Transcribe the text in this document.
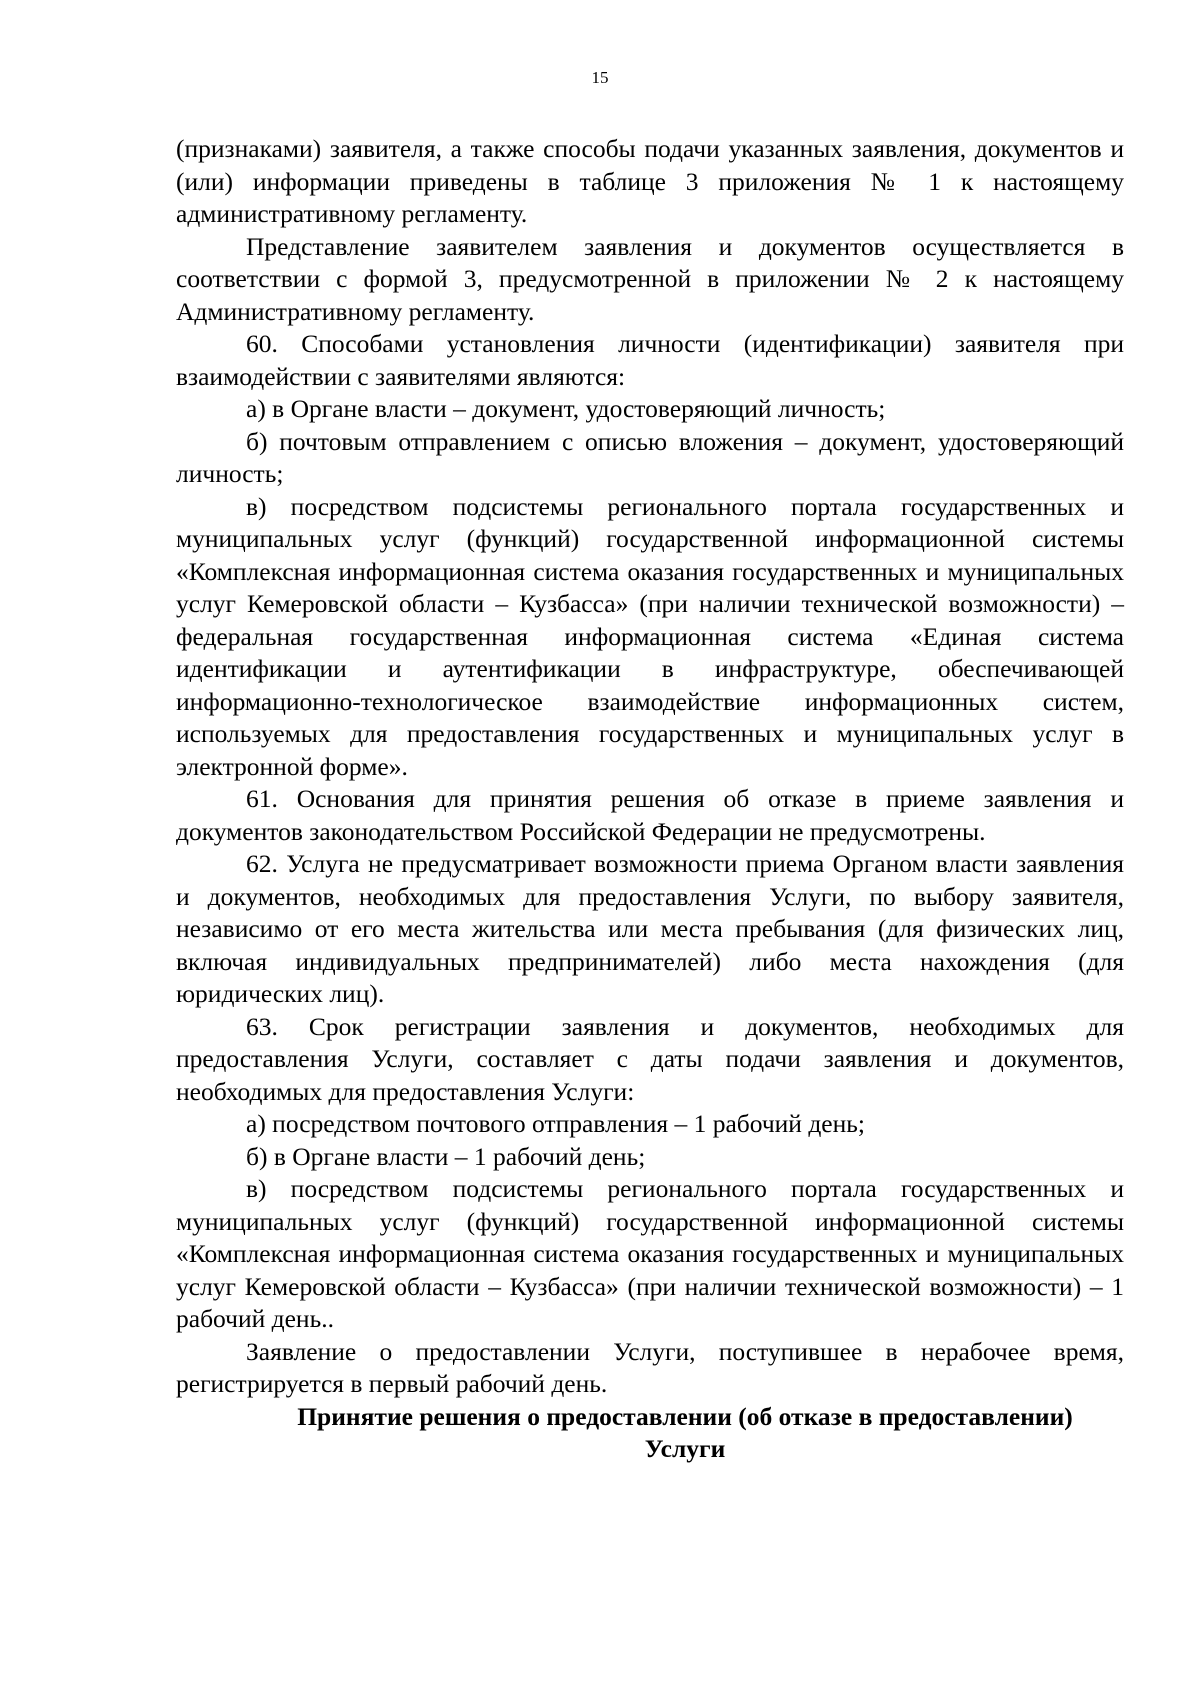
15

(признаками) заявителя, а также способы подачи указанных заявления, документов и (или) информации приведены в таблице 3 приложения № 1 к настоящему административному регламенту.

Представление заявителем заявления и документов осуществляется в соответствии с формой 3, предусмотренной в приложении № 2 к настоящему Административному регламенту.

60. Способами установления личности (идентификации) заявителя при взаимодействии с заявителями являются:

а) в Органе власти – документ, удостоверяющий личность;

б) почтовым отправлением с описью вложения – документ, удостоверяющий личность;

в) посредством подсистемы регионального портала государственных и муниципальных услуг (функций) государственной информационной системы «Комплексная информационная система оказания государственных и муниципальных услуг Кемеровской области – Кузбасса» (при наличии технической возможности) – федеральная государственная информационная система «Единая система идентификации и аутентификации в инфраструктуре, обеспечивающей информационно-технологическое взаимодействие информационных систем, используемых для предоставления государственных и муниципальных услуг в электронной форме».

61. Основания для принятия решения об отказе в приеме заявления и документов законодательством Российской Федерации не предусмотрены.

62. Услуга не предусматривает возможности приема Органом власти заявления и документов, необходимых для предоставления Услуги, по выбору заявителя, независимо от его места жительства или места пребывания (для физических лиц, включая индивидуальных предпринимателей) либо места нахождения (для юридических лиц).

63. Срок регистрации заявления и документов, необходимых для предоставления Услуги, составляет с даты подачи заявления и документов, необходимых для предоставления Услуги:

а) посредством почтового отправления – 1 рабочий день;

б) в Органе власти – 1 рабочий день;

в) посредством подсистемы регионального портала государственных и муниципальных услуг (функций) государственной информационной системы «Комплексная информационная система оказания государственных и муниципальных услуг Кемеровской области – Кузбасса» (при наличии технической возможности) – 1 рабочий день..

Заявление о предоставлении Услуги, поступившее в нерабочее время, регистрируется в первый рабочий день.

Принятие решения о предоставлении (об отказе в предоставлении)
Услуги
